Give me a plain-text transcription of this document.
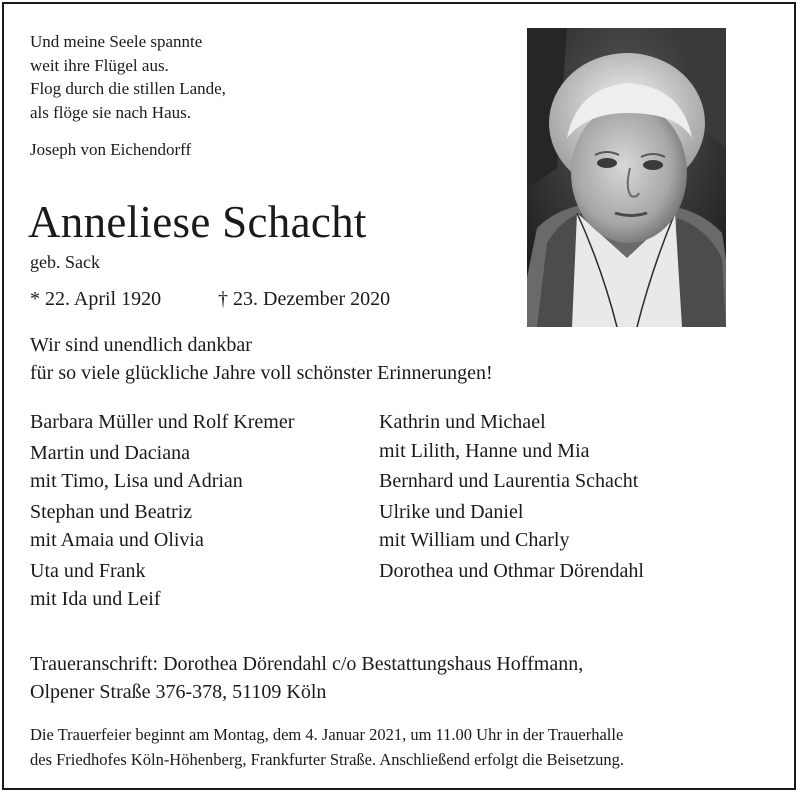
Und meine Seele spannte
weit ihre Flügel aus.
Flog durch die stillen Lande,
als flöge sie nach Haus.
Joseph von Eichendorff
Anneliese Schacht
geb. Sack
* 22. April 1920	† 23. Dezember 2020
Wir sind unendlich dankbar
für so viele glückliche Jahre voll schönster Erinnerungen!
Barbara Müller und Rolf Kremer
Martin und Daciana
mit Timo, Lisa und Adrian
Stephan und Beatriz
mit Amaia und Olivia
Uta und Frank
mit Ida und Leif
Kathrin und Michael
mit Lilith, Hanne und Mia
Bernhard und Laurentia Schacht
Ulrike und Daniel
mit William und Charly
Dorothea und Othmar Dörendahl
Traueranschrift: Dorothea Dörendahl c/o Bestattungshaus Hoffmann,
Olpener Straße 376-378, 51109 Köln
Die Trauerfeier beginnt am Montag, dem 4. Januar 2021, um 11.00 Uhr in der Trauerhalle
des Friedhofes Köln-Höhenberg, Frankfurter Straße. Anschließend erfolgt die Beisetzung.
